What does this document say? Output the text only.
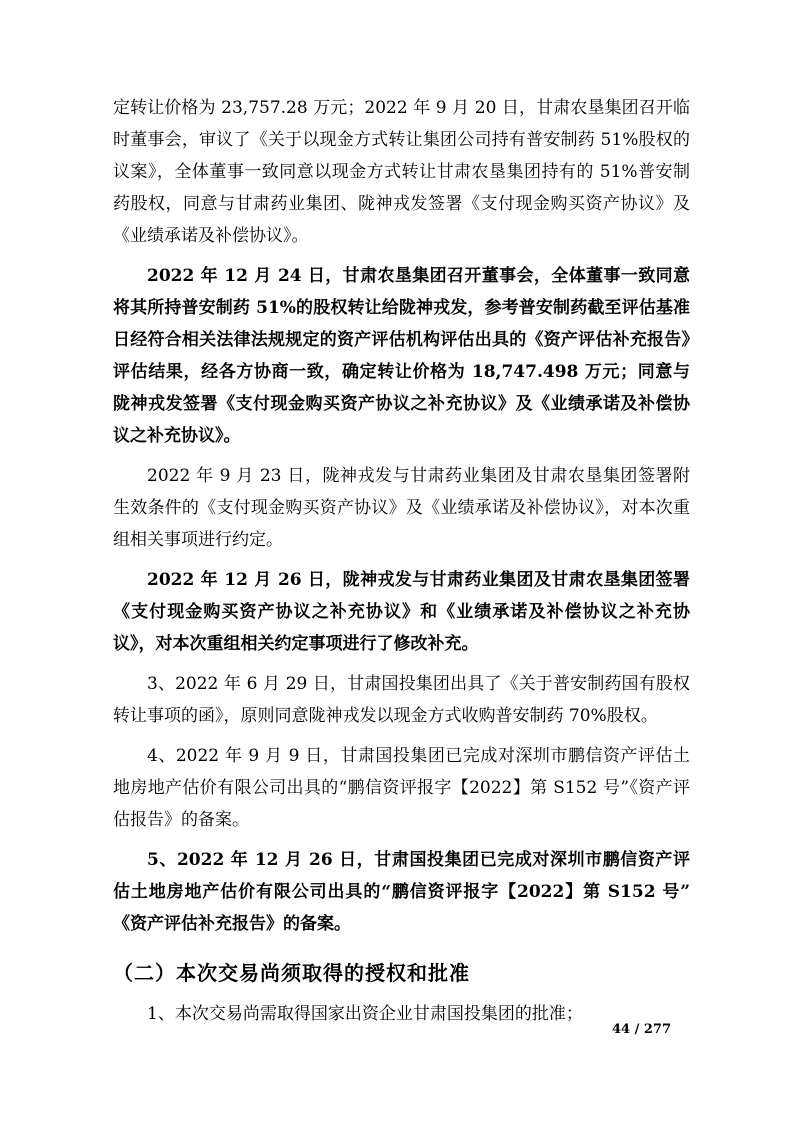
定转让价格为 23,757.28 万元；2022 年 9 月 20 日，甘肃农垦集团召开临时董事会，审议了《关于以现金方式转让集团公司持有普安制药 51%股权的议案》，全体董事一致同意以现金方式转让甘肃农垦集团持有的 51%普安制药股权，同意与甘肃药业集团、陇神戎发签署《支付现金购买资产协议》及《业绩承诺及补偿协议》。

2022 年 12 月 24 日，甘肃农垦集团召开董事会，全体董事一致同意将其所持普安制药 51%的股权转让给陇神戎发，参考普安制药截至评估基准日经符合相关法律法规规定的资产评估机构评估出具的《资产评估补充报告》评估结果，经各方协商一致，确定转让价格为 18,747.498 万元；同意与陇神戎发签署《支付现金购买资产协议之补充协议》及《业绩承诺及补偿协议之补充协议》。

2022 年 9 月 23 日，陇神戎发与甘肃药业集团及甘肃农垦集团签署附生效条件的《支付现金购买资产协议》及《业绩承诺及补偿协议》，对本次重组相关事项进行约定。

2022 年 12 月 26 日，陇神戎发与甘肃药业集团及甘肃农垦集团签署《支付现金购买资产协议之补充协议》和《业绩承诺及补偿协议之补充协议》，对本次重组相关约定事项进行了修改补充。

3、2022 年 6 月 29 日，甘肃国投集团出具了《关于普安制药国有股权转让事项的函》，原则同意陇神戎发以现金方式收购普安制药 70%股权。

4、2022 年 9 月 9 日，甘肃国投集团已完成对深圳市鹏信资产评估土地房地产估价有限公司出具的“鹏信资评报字【2022】第 S152 号”《资产评估报告》的备案。

5、2022 年 12 月 26 日，甘肃国投集团已完成对深圳市鹏信资产评估土地房地产估价有限公司出具的“鹏信资评报字【2022】第 S152 号” 《资产评估补充报告》的备案。

（二）本次交易尚须取得的授权和批准

1、本次交易尚需取得国家出资企业甘肃国投集团的批准；

44 / 277
